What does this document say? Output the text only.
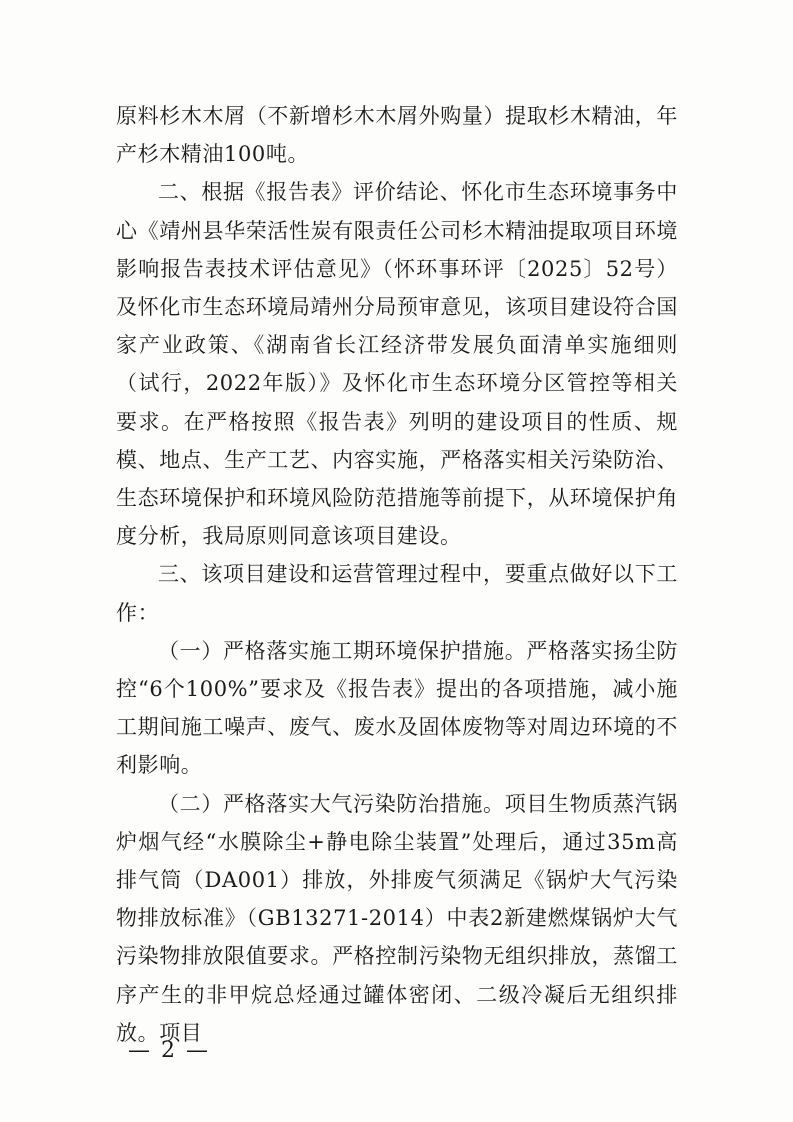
原料杉木木屑（不新增杉木木屑外购量）提取杉木精油，年产杉木精油100吨。

二、根据《报告表》评价结论、怀化市生态环境事务中心《靖州县华荣活性炭有限责任公司杉木精油提取项目环境影响报告表技术评估意见》（怀环事环评〔2025〕52号）及怀化市生态环境局靖州分局预审意见，该项目建设符合国家产业政策、《湖南省长江经济带发展负面清单实施细则（试行，2022年版）》及怀化市生态环境分区管控等相关要求。在严格按照《报告表》列明的建设项目的性质、规模、地点、生产工艺、内容实施，严格落实相关污染防治、生态环境保护和环境风险防范措施等前提下，从环境保护角度分析，我局原则同意该项目建设。

三、该项目建设和运营管理过程中，要重点做好以下工作：

（一）严格落实施工期环境保护措施。严格落实扬尘防控“6个100%”要求及《报告表》提出的各项措施，减小施工期间施工噪声、废气、废水及固体废物等对周边环境的不利影响。

（二）严格落实大气污染防治措施。项目生物质蒸汽锅炉烟气经“水膜除尘+静电除尘装置”处理后，通过35m高排气筒（DA001）排放，外排废气须满足《锅炉大气污染物排放标准》（GB13271-2014）中表2新建燃煤锅炉大气污染物排放限值要求。严格控制污染物无组织排放，蒸馏工序产生的非甲烷总烃通过罐体密闭、二级冷凝后无组织排放。项目

— 2 —
